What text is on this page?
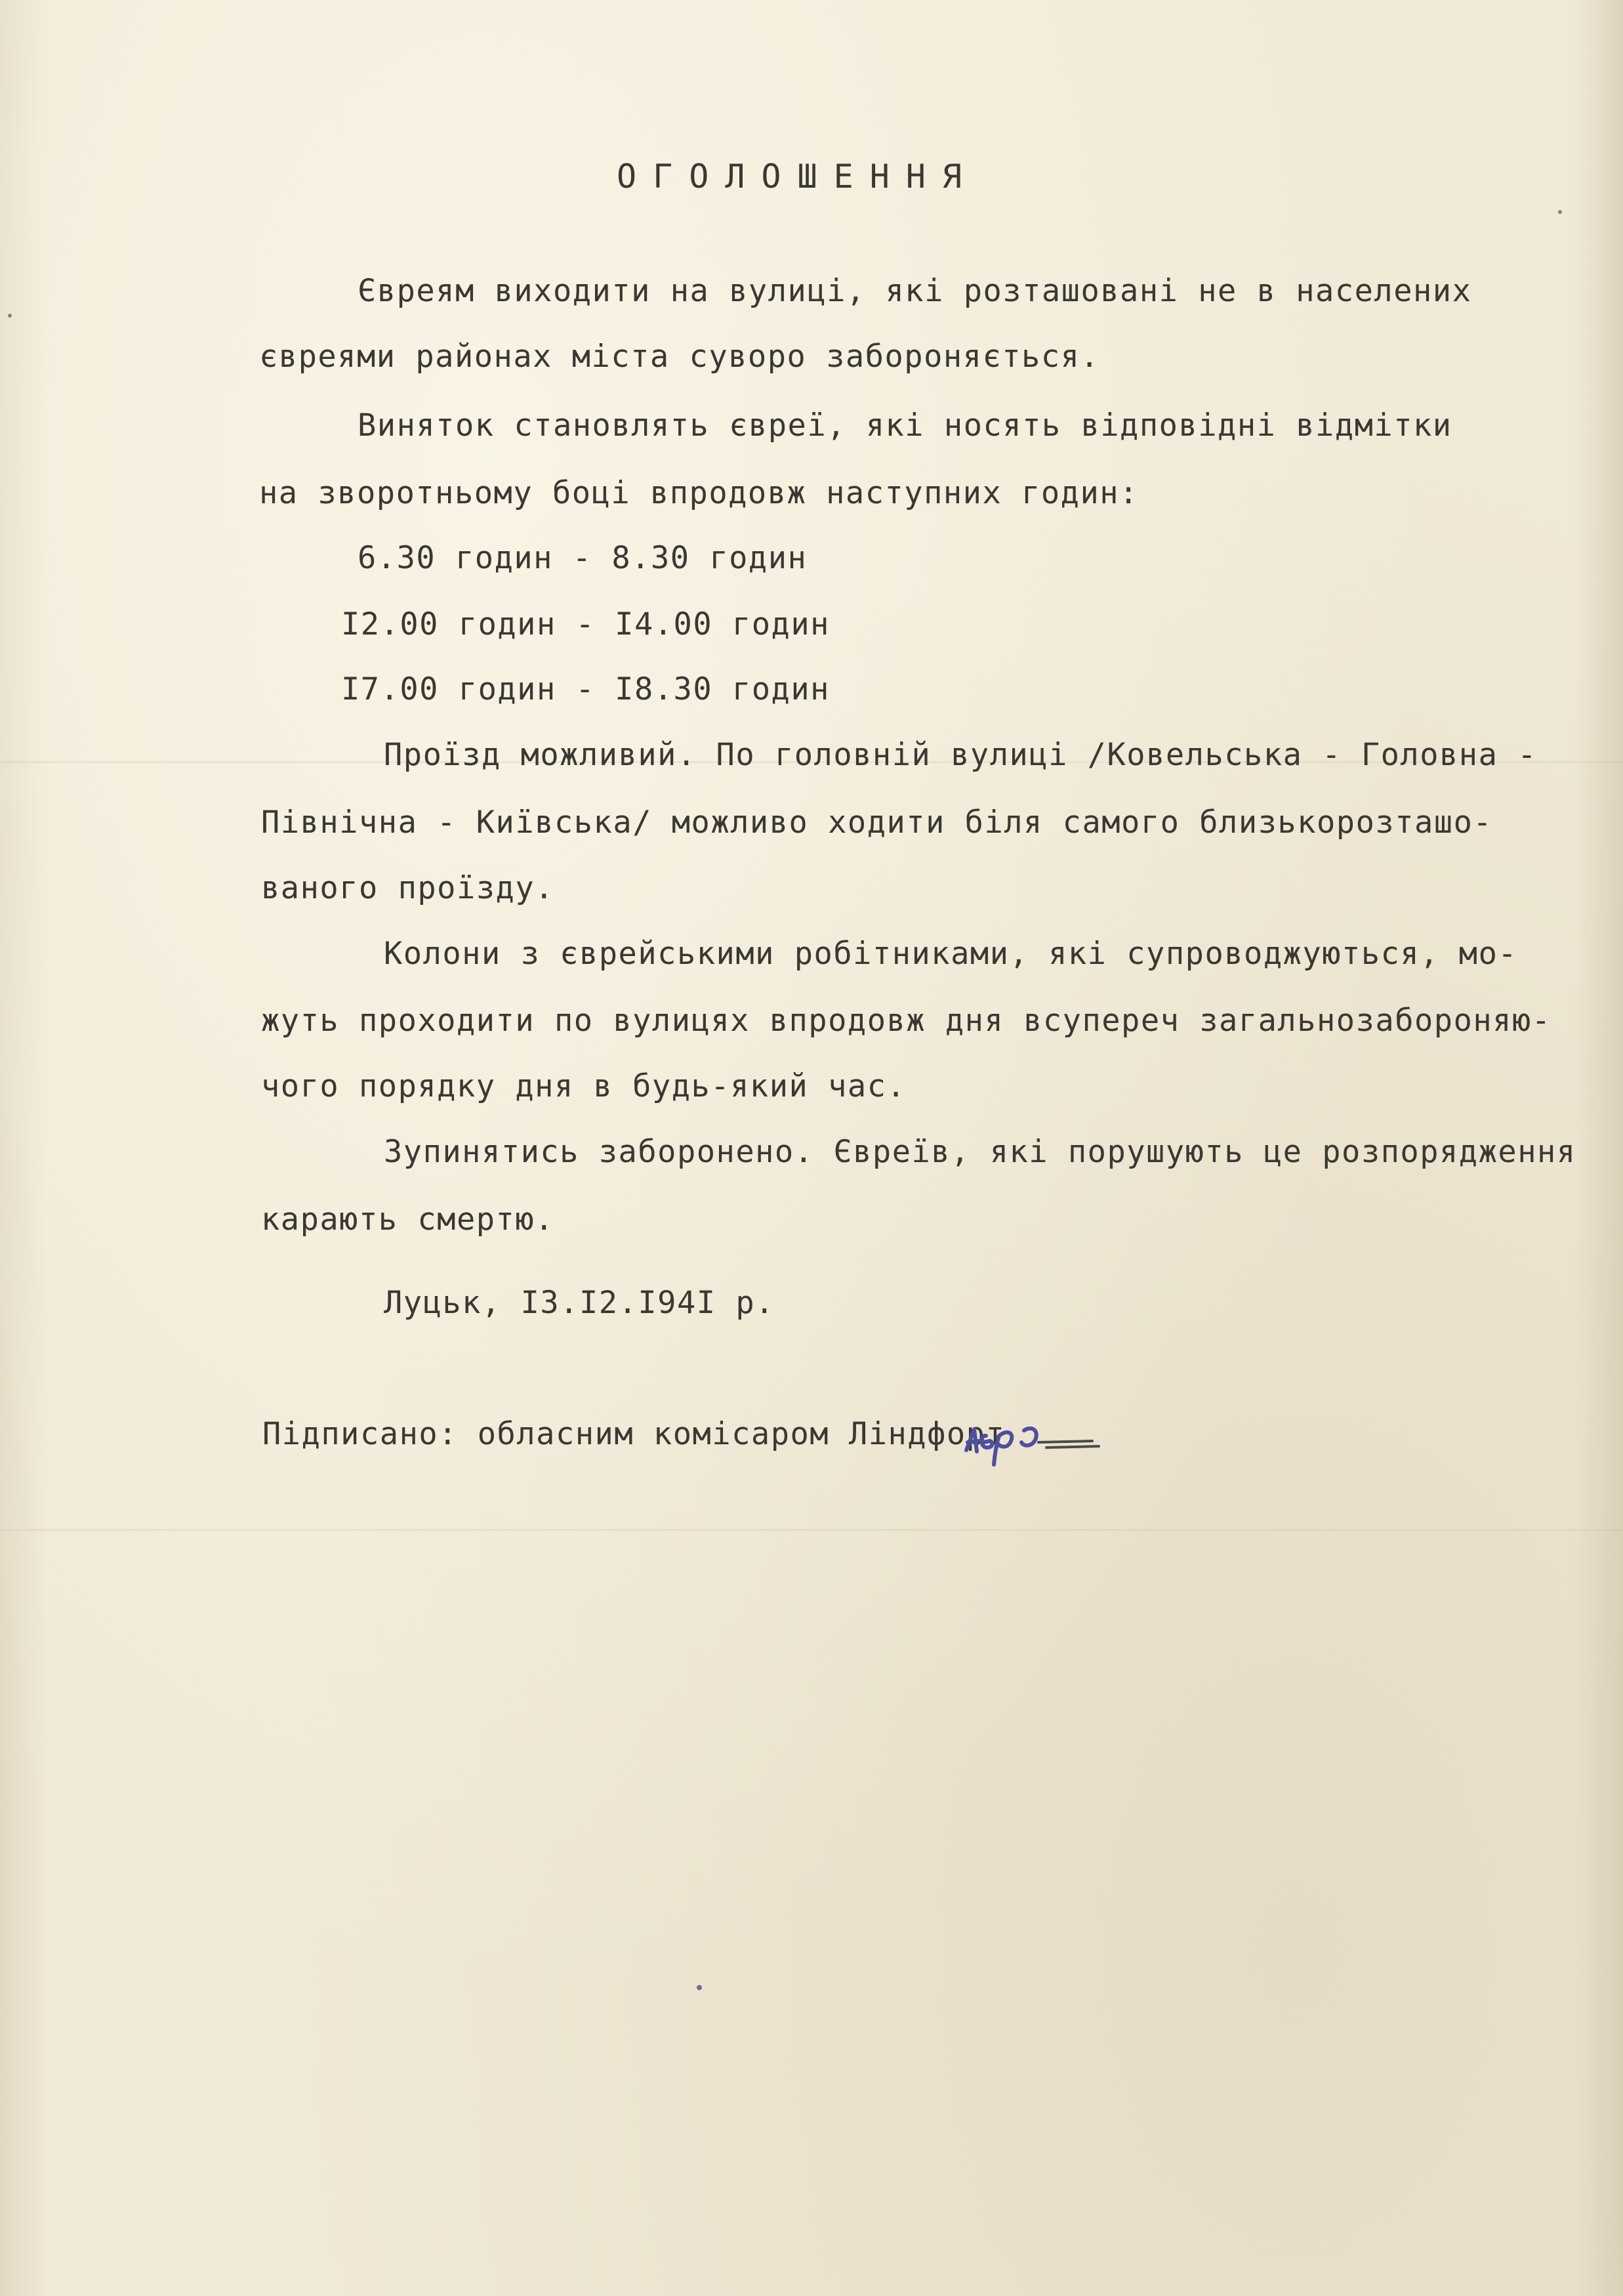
ОГОЛОШЕННЯ
Євреям виходити на вулиці, які розташовані не в населених
євреями районах міста суворо забороняється.
Виняток становлять євреї, які носять відповідні відмітки
на зворотньому боці впродовж наступних годин:
6.30 годин - 8.30 годин
I2.00 годин - I4.00 годин
I7.00 годин - I8.30 годин
Проїзд можливий. По головній вулиці /Ковельська - Головна -
Північна - Київська/ можливо ходити біля самого близькорозташо-
ваного проїзду.
Колони з єврейськими робітниками, які супроводжуються, мо-
жуть проходити по вулицях впродовж дня всупереч загальнозабороняю-
чого порядку дня в будь-який час.
Зупинятись заборонено. Євреїв, які порушують це розпорядження
карають смертю.
Луцьк, I3.I2.I94I р.
Підписано: обласним комісаром Ліндфорт
